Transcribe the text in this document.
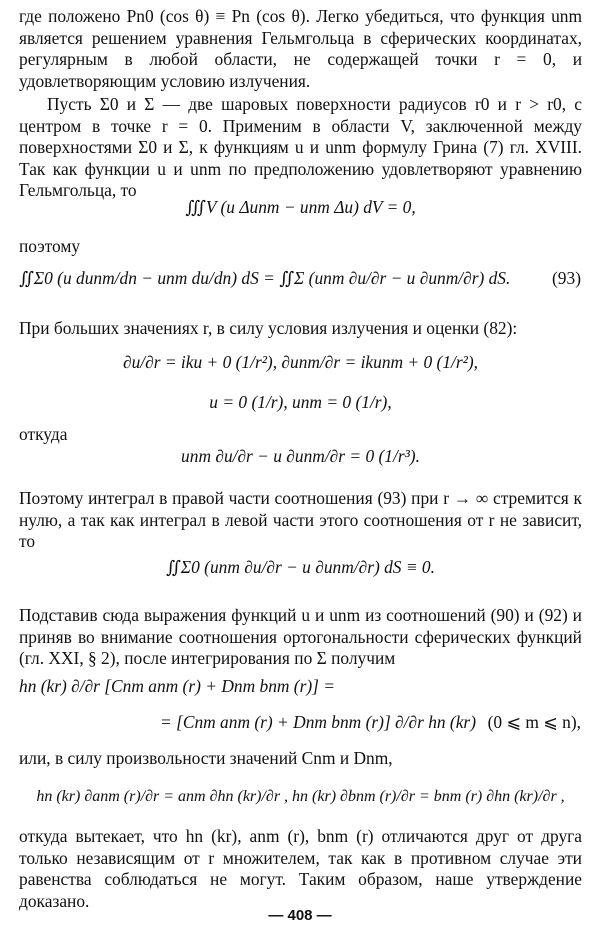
где положено Pn0 (cos θ) ≡ Pn (cos θ). Легко убедиться, что функция unm является решением уравнения Гельмгольца в сферических координатах, регулярным в любой области, не содержащей точки r = 0, и удовлетворяющим условию излучения.

Пусть Σ0 и Σ — две шаровых поверхности радиусов r0 и r > r0, с центром в точке r = 0. Применим в области V, заключенной между поверхностями Σ0 и Σ, к функциям u и unm формулу Грина (7) гл. XVIII. Так как функции u и unm по предположению удовлетворяют уравнению Гельмгольца, то

∭V (u Δunm − unm Δu) dV = 0,

поэтому

∬Σ0 (u dunm/dn − unm du/dn) dS = ∬Σ (unm ∂u/∂r − u ∂unm/∂r) dS. (93)

При больших значениях r, в силу условия излучения и оценки (82):

∂u/∂r = iku + 0 (1/r²), ∂unm/∂r = ikunm + 0 (1/r²),
u = 0 (1/r), unm = 0 (1/r),

откуда

unm ∂u/∂r − u ∂unm/∂r = 0 (1/r³).

Поэтому интеграл в правой части соотношения (93) при r → ∞ стремится к нулю, а так как интеграл в левой части этого соотношения от r не зависит, то

∬Σ0 (unm ∂u/∂r − u ∂unm/∂r) dS ≡ 0.

Подставив сюда выражения функций u и unm из соотношений (90) и (92) и приняв во внимание соотношения ортогональности сферических функций (гл. XXI, § 2), после интегрирования по Σ получим

hn (kr) ∂/∂r [Cnm anm (r) + Dnm bnm (r)] =
= [Cnm anm (r) + Dnm bnm (r)] ∂/∂r hn (kr) (0 ⩽ m ⩽ n),

или, в силу произвольности значений Cnm и Dnm,

hn (kr) ∂anm (r)/∂r = anm ∂hn (kr)/∂r , hn (kr) ∂bnm (r)/∂r = bnm (r) ∂hn (kr)/∂r ,

откуда вытекает, что hn (kr), anm (r), bnm (r) отличаются друг от друга только независящим от r множителем, так как в противном случае эти равенства соблюдаться не могут. Таким образом, наше утверждение доказано.

— 408 —
